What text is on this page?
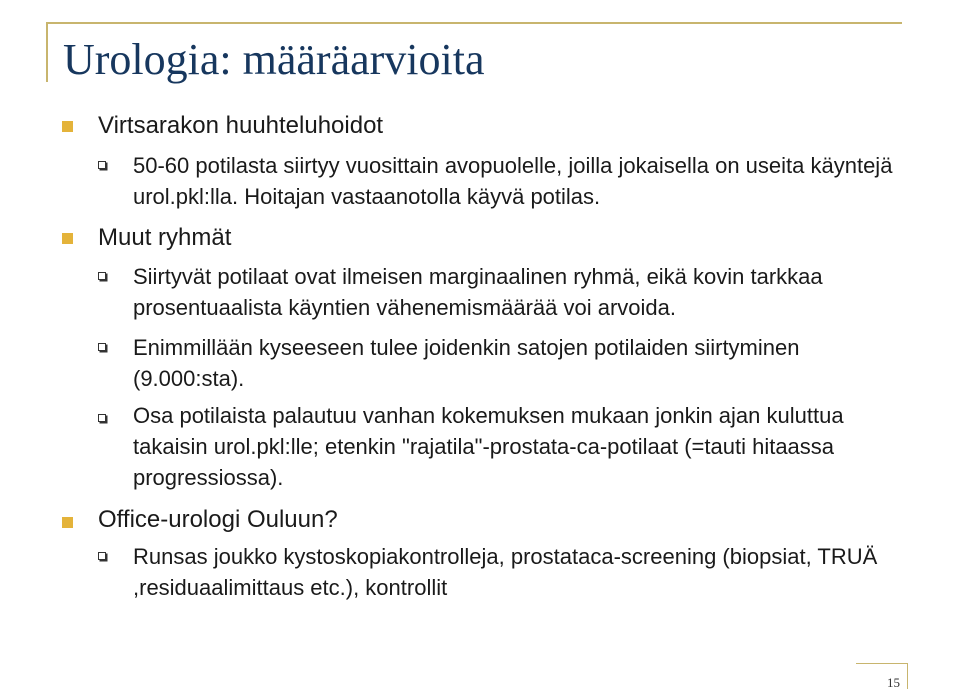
Urologia: määräarvioita
Virtsarakon huuhteluhoidot
50-60 potilasta siirtyy vuosittain avopuolelle, joilla jokaisella on useita käyntejä urol.pkl:lla. Hoitajan vastaanotolla käyvä potilas.
Muut ryhmät
Siirtyvät potilaat ovat ilmeisen marginaalinen ryhmä, eikä kovin tarkkaa prosentuaalista käyntien vähenemismäärää voi arvoida.
Enimmillään kyseeseen tulee joidenkin satojen potilaiden siirtyminen (9.000:sta).
Osa potilaista palautuu vanhan kokemuksen mukaan jonkin ajan kuluttua takaisin urol.pkl:lle; etenkin "rajatila"-prostata-ca-potilaat (=tauti hitaassa progressiossa).
Office-urologi Ouluun?
Runsas joukko kystoskopiakontrolleja, prostataca-screening (biopsiat, TRUÄ ,residuaalimittaus etc.), kontrollit
15
